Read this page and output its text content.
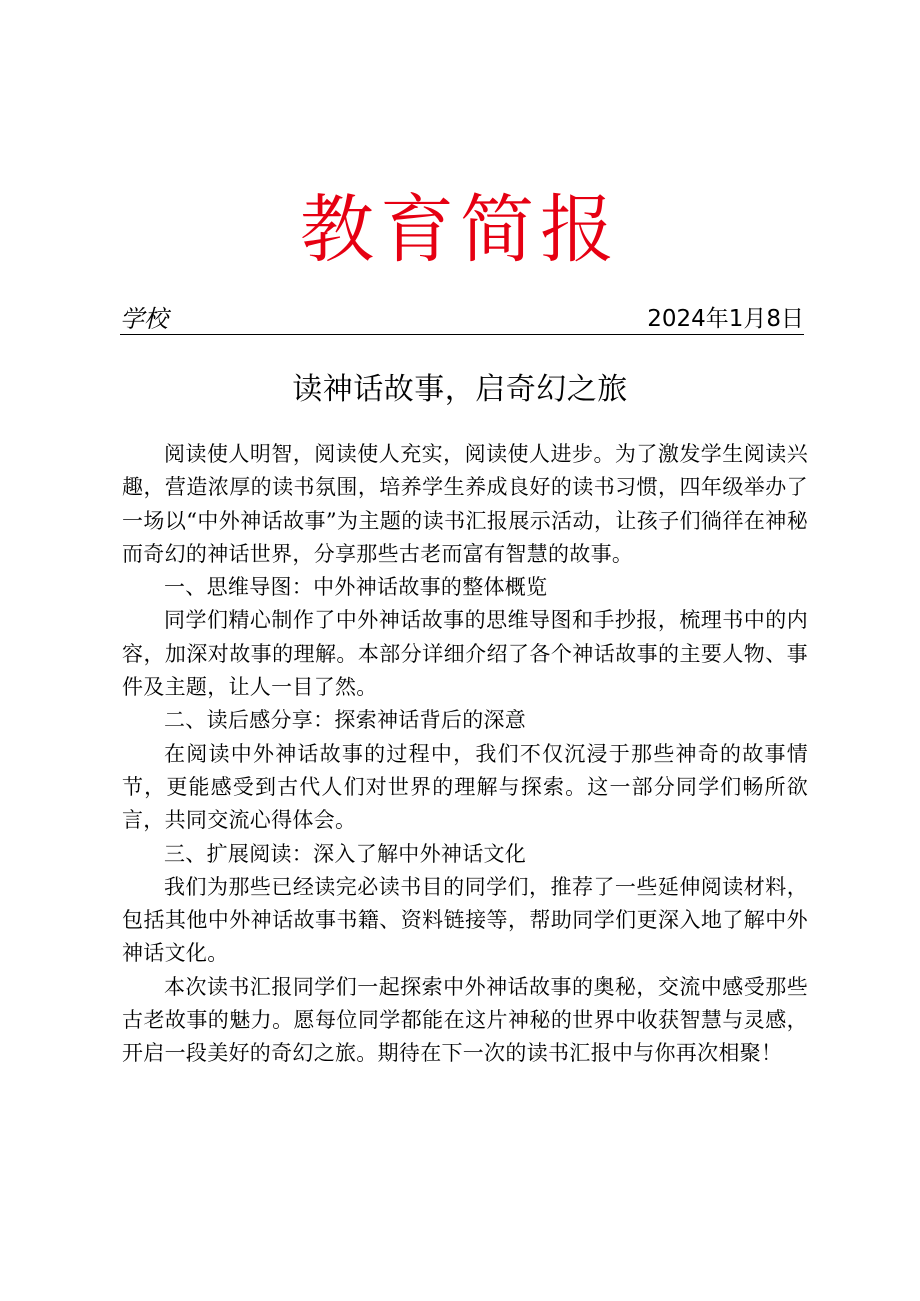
教育简报
学校	2024年1月8日
读神话故事，启奇幻之旅

阅读使人明智，阅读使人充实，阅读使人进步。为了激发学生阅读兴趣，营造浓厚的读书氛围，培养学生养成良好的读书习惯，四年级举办了一场以“中外神话故事”为主题的读书汇报展示活动，让孩子们徜徉在神秘而奇幻的神话世界，分享那些古老而富有智慧的故事。

一、思维导图：中外神话故事的整体概览

同学们精心制作了中外神话故事的思维导图和手抄报，梳理书中的内容，加深对故事的理解。本部分详细介绍了各个神话故事的主要人物、事件及主题，让人一目了然。

二、读后感分享：探索神话背后的深意

在阅读中外神话故事的过程中，我们不仅沉浸于那些神奇的故事情节，更能感受到古代人们对世界的理解与探索。这一部分同学们畅所欲言，共同交流心得体会。

三、扩展阅读：深入了解中外神话文化

我们为那些已经读完必读书目的同学们，推荐了一些延伸阅读材料，包括其他中外神话故事书籍、资料链接等，帮助同学们更深入地了解中外神话文化。

本次读书汇报同学们一起探索中外神话故事的奥秘，交流中感受那些古老故事的魅力。愿每位同学都能在这片神秘的世界中收获智慧与灵感，开启一段美好的奇幻之旅。期待在下一次的读书汇报中与你再次相聚！
